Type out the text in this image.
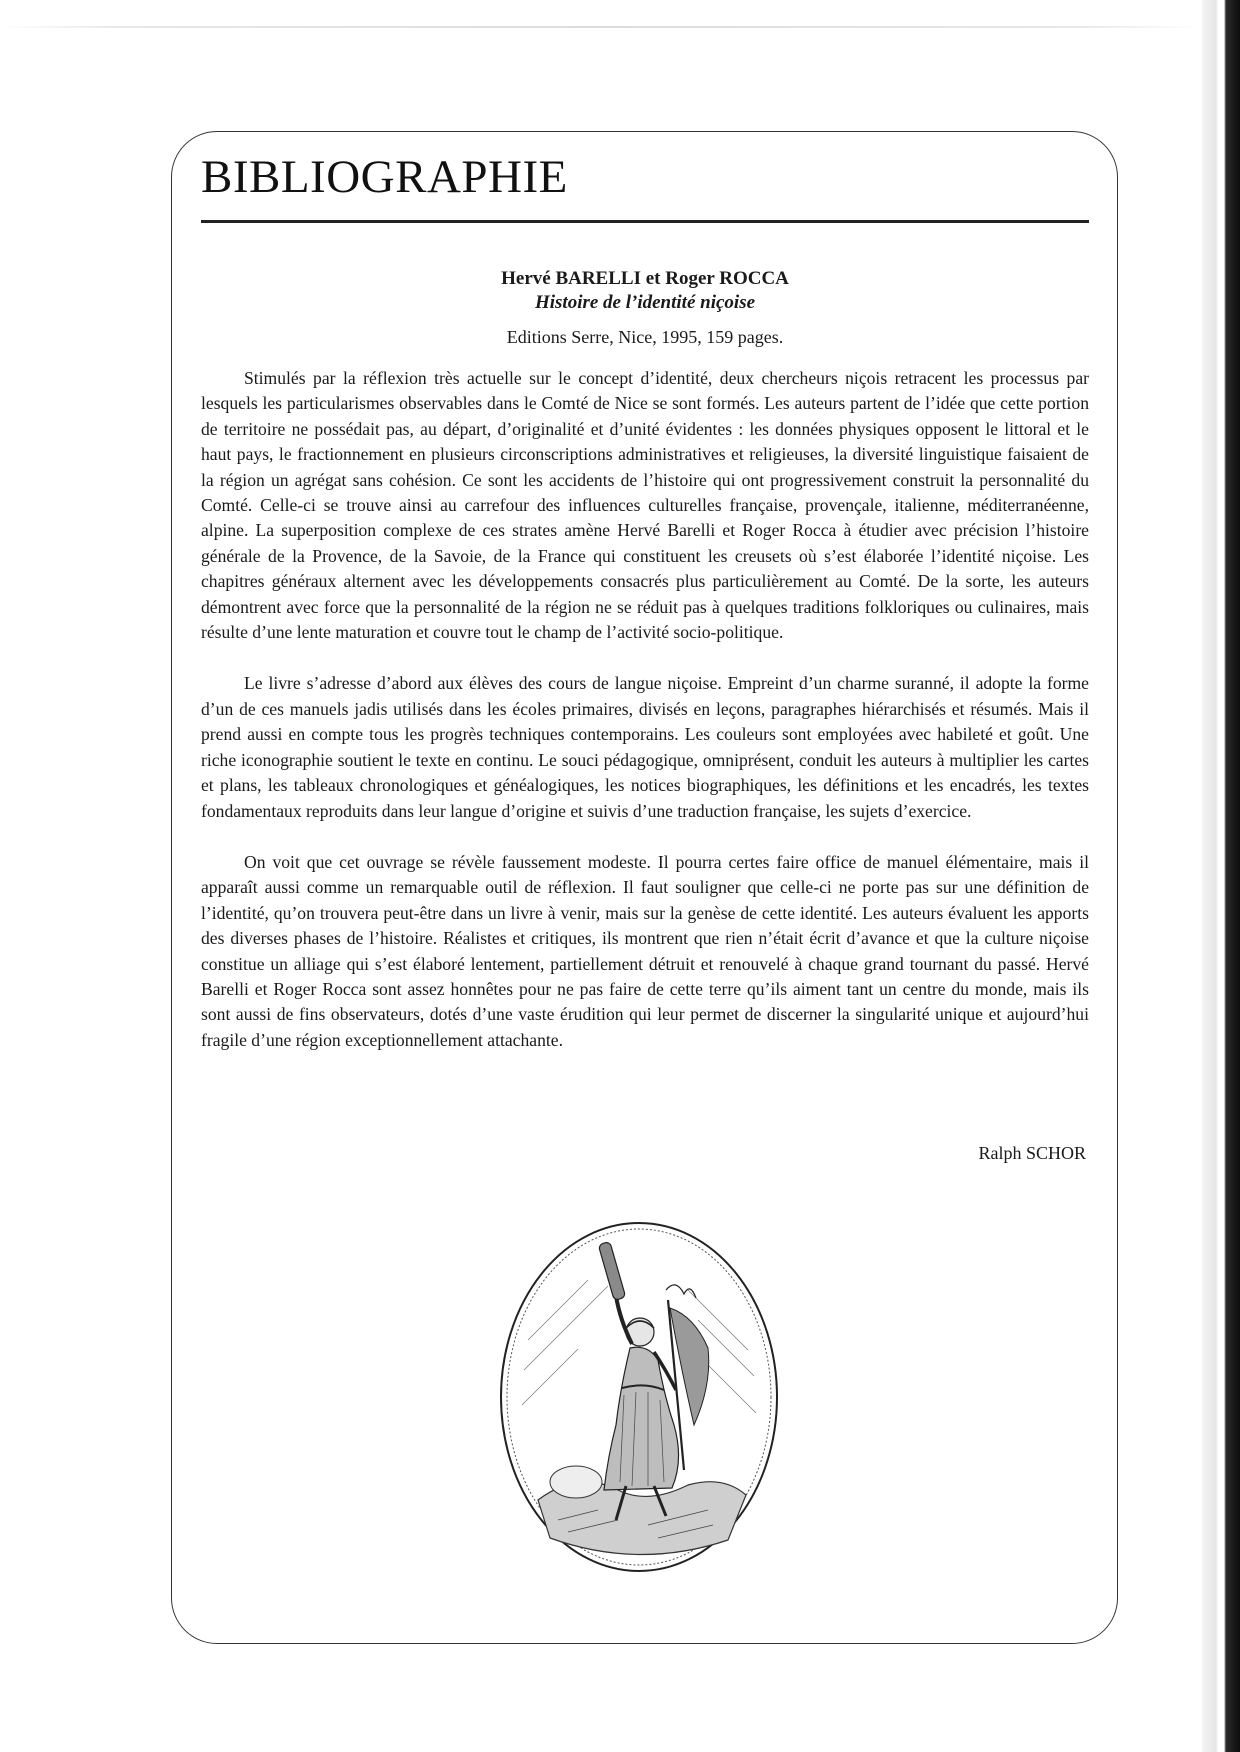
BIBLIOGRAPHIE
Hervé BARELLI et Roger ROCCA
Histoire de l’identité niçoise
Editions Serre, Nice, 1995, 159 pages.

Stimulés par la réflexion très actuelle sur le concept d’identité, deux chercheurs niçois retracent les processus par lesquels les particularismes observables dans le Comté de Nice se sont formés. Les auteurs partent de l’idée que cette portion de territoire ne possédait pas, au départ, d’originalité et d’unité évidentes : les données physiques opposent le littoral et le haut pays, le fractionnement en plusieurs circonscriptions administratives et religieuses, la diversité linguistique faisaient de la région un agrégat sans cohésion. Ce sont les accidents de l’histoire qui ont progressivement construit la personnalité du Comté. Celle-ci se trouve ainsi au carrefour des influences culturelles française, provençale, italienne, méditerranéenne, alpine. La superposition complexe de ces strates amène Hervé Barelli et Roger Rocca à étudier avec précision l’histoire générale de la Provence, de la Savoie, de la France qui constituent les creusets où s’est élaborée l’identité niçoise. Les chapitres généraux alternent avec les développements consacrés plus particulièrement au Comté. De la sorte, les auteurs démontrent avec force que la personnalité de la région ne se réduit pas à quelques traditions folkloriques ou culinaires, mais résulte d’une lente maturation et couvre tout le champ de l’activité socio-politique.

Le livre s’adresse d’abord aux élèves des cours de langue niçoise. Empreint d’un charme suranné, il adopte la forme d’un de ces manuels jadis utilisés dans les écoles primaires, divisés en leçons, paragraphes hiérarchisés et résumés. Mais il prend aussi en compte tous les progrès techniques contemporains. Les couleurs sont employées avec habileté et goût. Une riche iconographie soutient le texte en continu. Le souci pédagogique, omniprésent, conduit les auteurs à multiplier les cartes et plans, les tableaux chronologiques et généalogiques, les notices biographiques, les définitions et les encadrés, les textes fondamentaux reproduits dans leur langue d’origine et suivis d’une traduction française, les sujets d’exercice.

On voit que cet ouvrage se révèle faussement modeste. Il pourra certes faire office de manuel élémentaire, mais il apparaît aussi comme un remarquable outil de réflexion. Il faut souligner que celle-ci ne porte pas sur une définition de l’identité, qu’on trouvera peut-être dans un livre à venir, mais sur la genèse de cette identité. Les auteurs évaluent les apports des diverses phases de l’histoire. Réalistes et critiques, ils montrent que rien n’était écrit d’avance et que la culture niçoise constitue un alliage qui s’est élaboré lentement, partiellement détruit et renouvelé à chaque grand tournant du passé. Hervé Barelli et Roger Rocca sont assez honnêtes pour ne pas faire de cette terre qu’ils aiment tant un centre du monde, mais ils sont aussi de fins observateurs, dotés d’une vaste érudition qui leur permet de discerner la singularité unique et aujourd’hui fragile d’une région exceptionnellement attachante.

Ralph SCHOR
